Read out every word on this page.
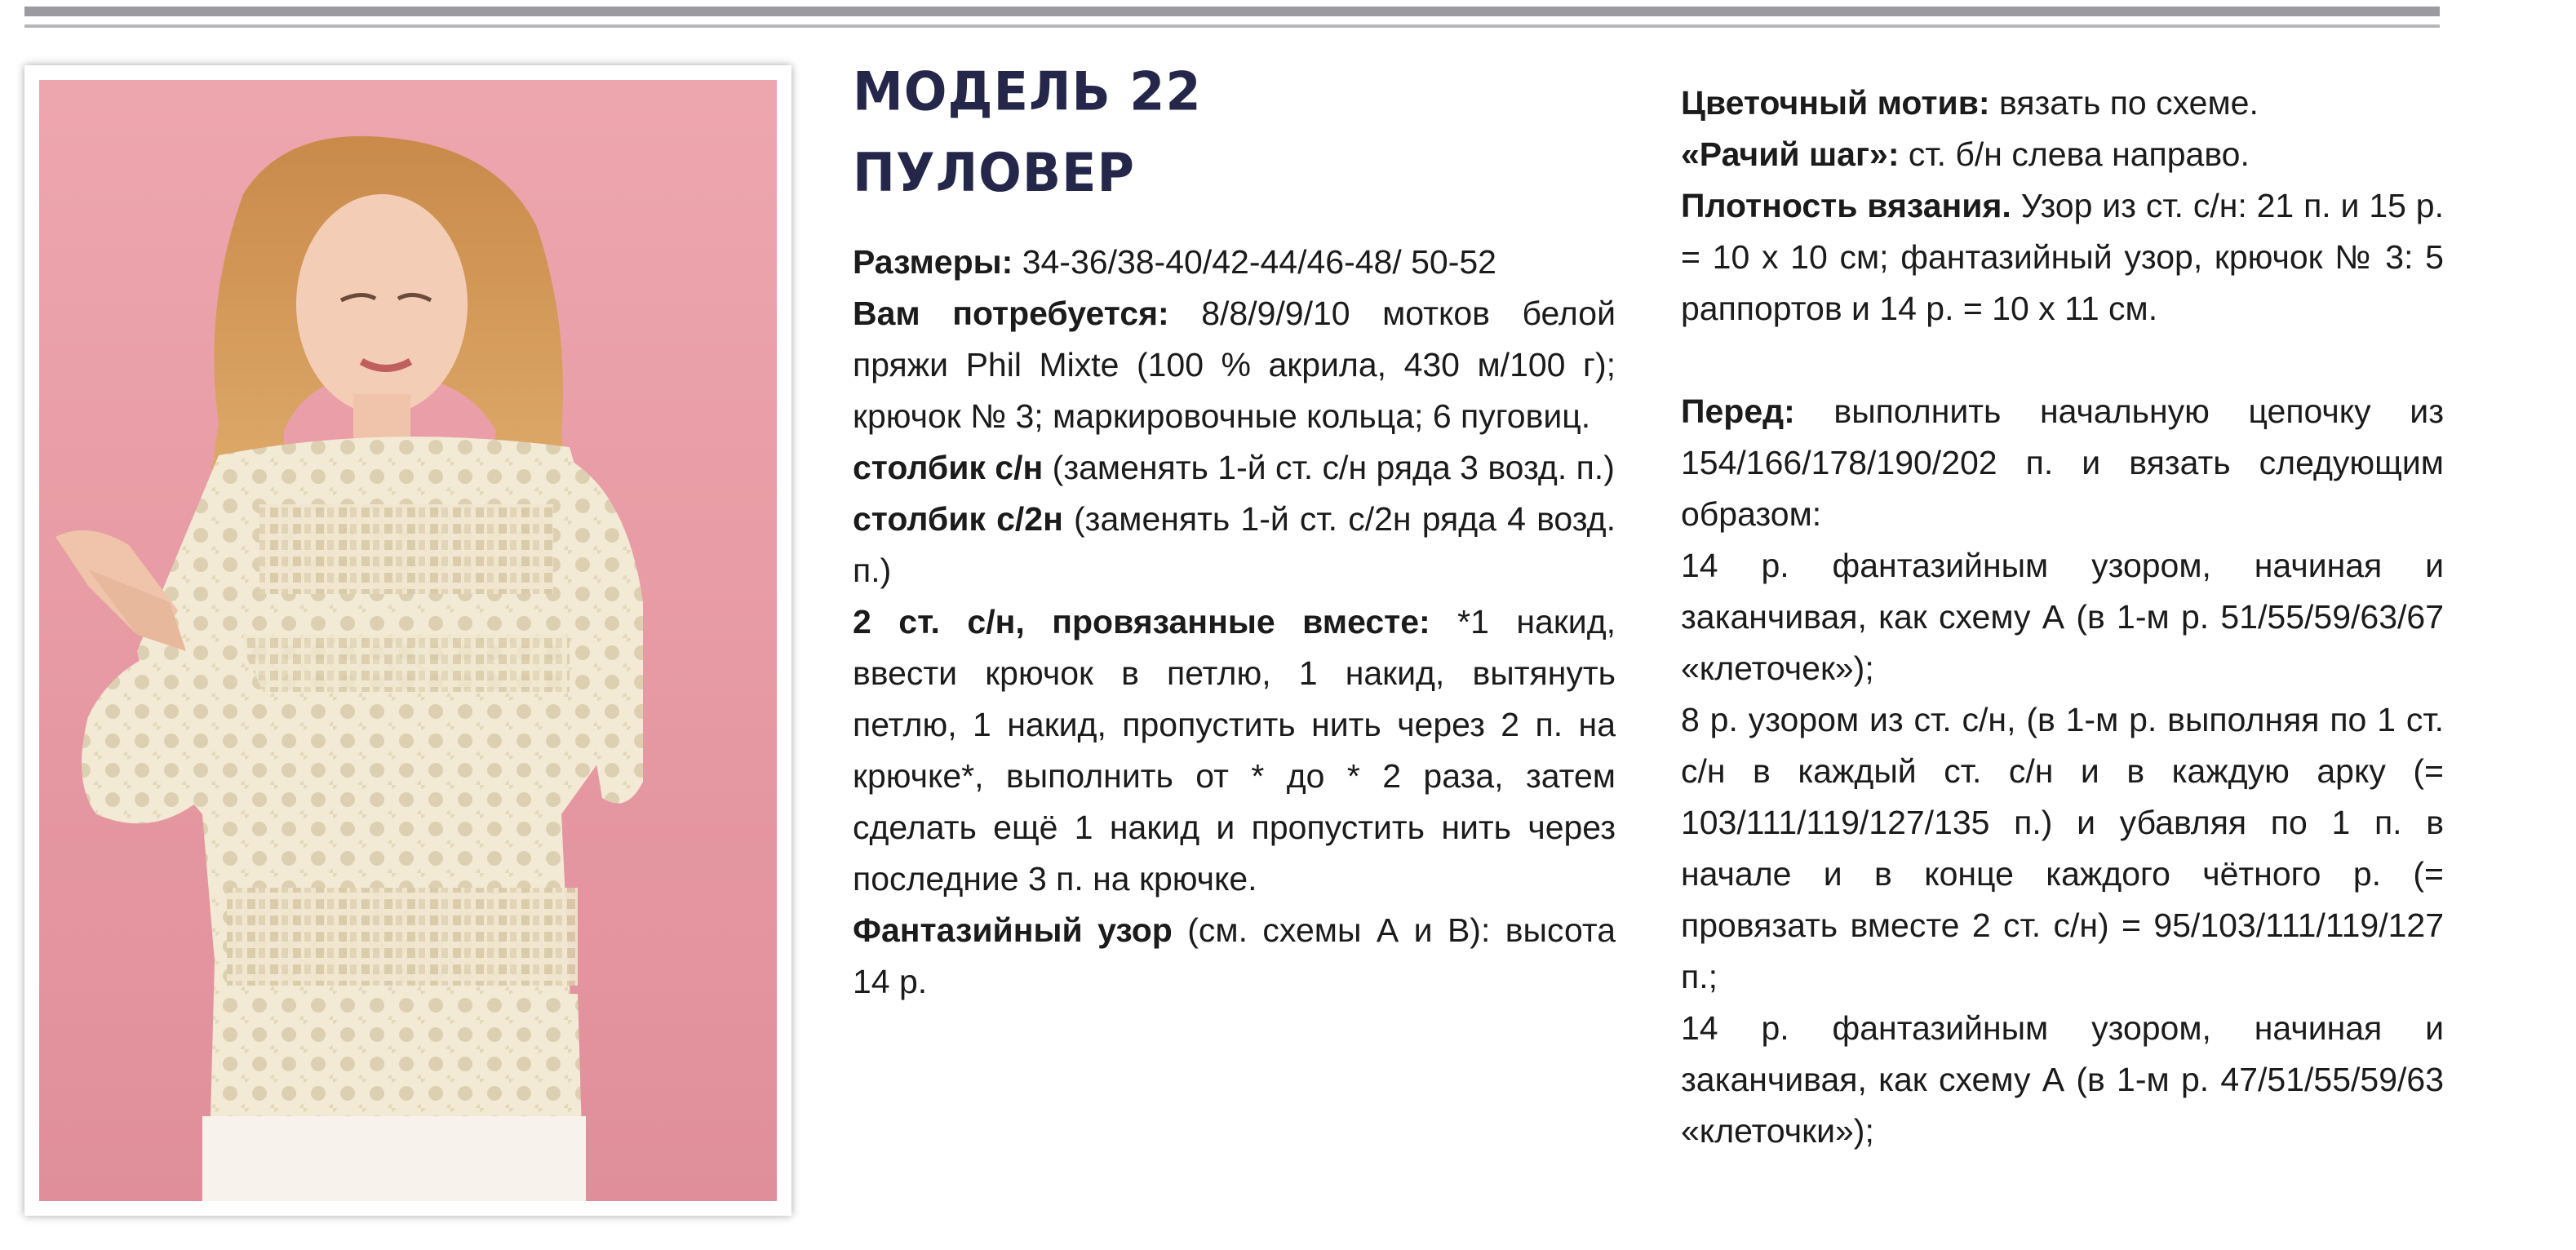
МОДЕЛЬ 22
ПУЛОВЕР

Размеры: 34-36/38-40/42-44/46-48/ 50-52

Вам потребуется: 8/8/9/9/10 мотков белой пряжи Phil Mixte (100 % акрила, 430 м/100 г); крючок № 3; маркировочные кольца; 6 пуговиц.

столбик с/н (заменять 1-й ст. с/н ряда 3 возд. п.)

столбик с/2н (заменять 1-й ст. с/2н ряда 4 возд. п.)

2 ст. с/н, провязанные вместе: *1 накид, ввести крючок в петлю, 1 накид, вытянуть петлю, 1 накид, пропустить нить через 2 п. на крючке*, выполнить от * до * 2 раза, затем сделать ещё 1 накид и пропустить нить через последние 3 п. на крючке.

Фантазийный узор (см. схемы А и В): высота 14 р.

Цветочный мотив: вязать по схеме.

«Рачий шаг»: ст. б/н слева направо.

Плотность вязания. Узор из ст. с/н: 21 п. и 15 р. = 10 х 10 см; фантазийный узор, крючок № 3: 5 раппортов и 14 р. = 10 х 11 см.

Перед: выполнить начальную цепочку из 154/166/178/190/202 п. и вязать следующим образом:

14 р. фантазийным узором, начиная и заканчивая, как схему А (в 1-м р. 51/55/59/63/67 «клеточек»);

8 р. узором из ст. с/н, (в 1-м р. выполняя по 1 ст. с/н в каждый ст. с/н и в каждую арку (= 103/111/119/127/135 п.) и убавляя по 1 п. в начале и в конце каждого чётного р. (= провязать вместе 2 ст. с/н) = 95/103/111/119/127 п.;

14 р. фантазийным узором, начиная и заканчивая, как схему А (в 1-м р. 47/51/55/59/63 «клеточки»);
